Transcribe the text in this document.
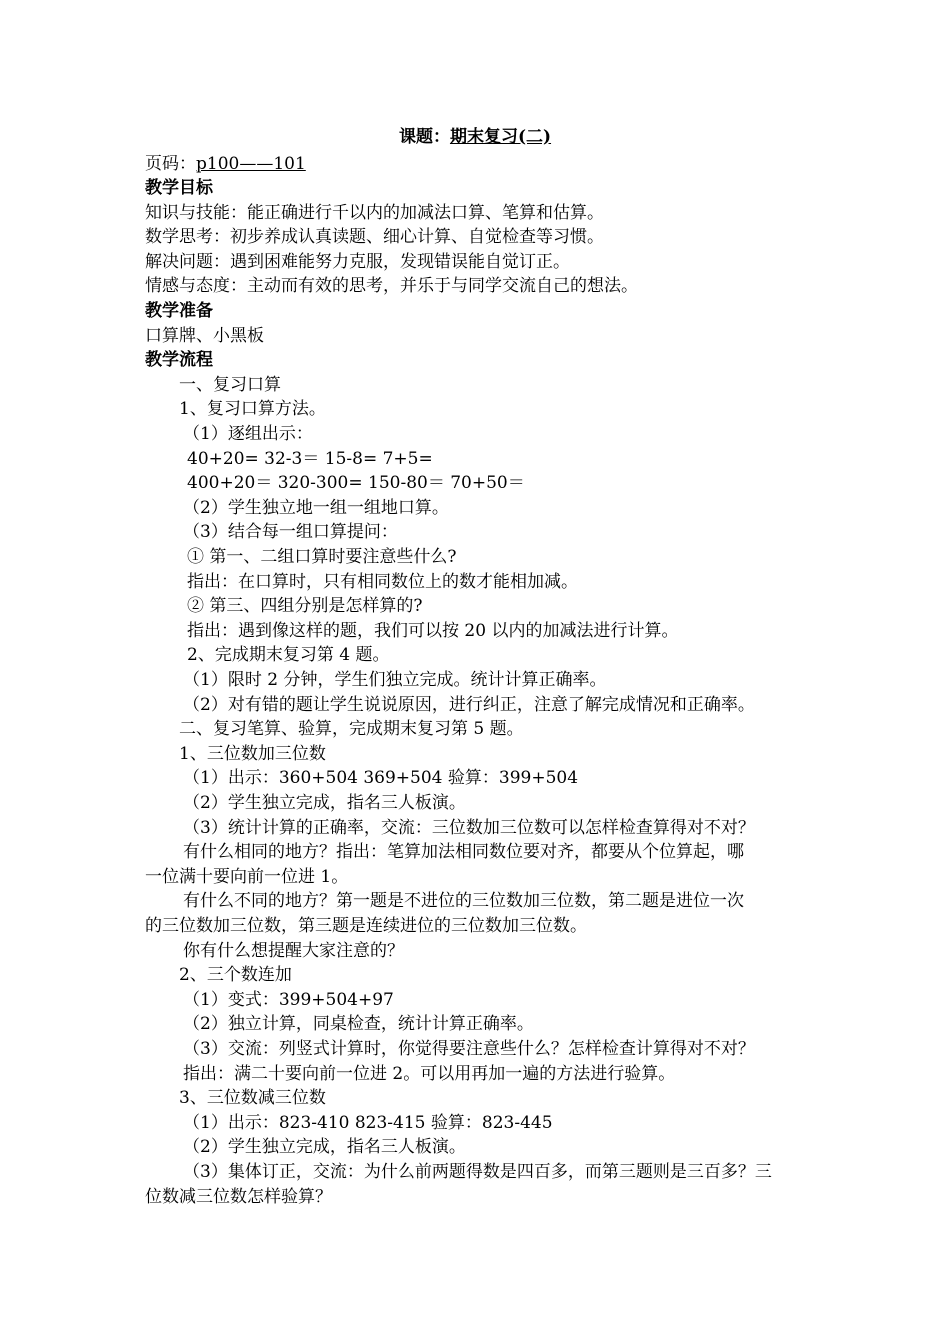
课题：期末复习(二)
页码：p100——101
教学目标
知识与技能：能正确进行千以内的加减法口算、笔算和估算。
数学思考：初步养成认真读题、细心计算、自觉检查等习惯。
解决问题：遇到困难能努力克服，发现错误能自觉订正。
情感与态度：主动而有效的思考，并乐于与同学交流自己的想法。
教学准备
口算牌、小黑板
教学流程
一、复习口算
1、复习口算方法。
（1）逐组出示：
40+20= 32-3＝ 15-8= 7+5=
400+20＝ 320-300= 150-80＝ 70+50＝
（2）学生独立地一组一组地口算。
（3）结合每一组口算提问：
① 第一、二组口算时要注意些什么?
指出：在口算时，只有相同数位上的数才能相加减。
② 第三、四组分别是怎样算的?
指出：遇到像这样的题，我们可以按 20 以内的加减法进行计算。
2、完成期末复习第 4 题。
（1）限时 2 分钟，学生们独立完成。统计计算正确率。
（2）对有错的题让学生说说原因，进行纠正，注意了解完成情况和正确率。
二、复习笔算、验算，完成期末复习第 5 题。
1、三位数加三位数
（1）出示：360+504 369+504 验算：399+504
（2）学生独立完成，指名三人板演。
（3）统计计算的正确率，交流：三位数加三位数可以怎样检查算得对不对？
有什么相同的地方？指出：笔算加法相同数位要对齐，都要从个位算起，哪
一位满十要向前一位进 1。
有什么不同的地方？第一题是不进位的三位数加三位数，第二题是进位一次
的三位数加三位数，第三题是连续进位的三位数加三位数。
你有什么想提醒大家注意的？
2、三个数连加
（1）变式：399+504+97
（2）独立计算，同桌检查，统计计算正确率。
（3）交流：列竖式计算时，你觉得要注意些什么？怎样检查计算得对不对？
指出：满二十要向前一位进 2。可以用再加一遍的方法进行验算。
3、三位数减三位数
（1）出示：823-410 823-415 验算：823-445
（2）学生独立完成，指名三人板演。
（3）集体订正，交流：为什么前两题得数是四百多，而第三题则是三百多？三
位数减三位数怎样验算？
